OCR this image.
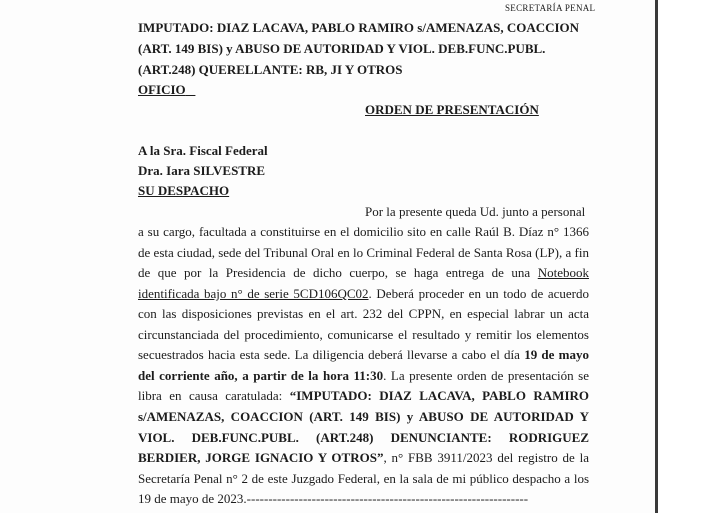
SECRETARÍA PENAL
IMPUTADO: DIAZ LACAVA, PABLO RAMIRO s/AMENAZAS, COACCION
(ART. 149 BIS) y ABUSO DE AUTORIDAD Y VIOL. DEB.FUNC.PUBL.
(ART.248) QUERELLANTE: RB, JI Y OTROS
OFICIO
ORDEN DE PRESENTACIÓN
A la Sra. Fiscal Federal
Dra. Iara SILVESTRE
SU DESPACHO
Por la presente queda Ud. junto a personal
a su cargo, facultada a constituirse en el domicilio sito en calle Raúl B. Díaz n° 1366
de esta ciudad, sede del Tribunal Oral en lo Criminal Federal de Santa Rosa (LP), a fin
de que por la Presidencia de dicho cuerpo, se haga entrega de una Notebook
identificada bajo n° de serie 5CD106QC02. Deberá proceder en un todo de acuerdo
con las disposiciones previstas en el art. 232 del CPPN, en especial labrar un acta
circunstanciada del procedimiento, comunicarse el resultado y remitir los elementos
secuestrados hacia esta sede. La diligencia deberá llevarse a cabo el día 19 de mayo
del corriente año, a partir de la hora 11:30. La presente orden de presentación se
libra en causa caratulada: “IMPUTADO: DIAZ LACAVA, PABLO RAMIRO
s/AMENAZAS, COACCION (ART. 149 BIS) y ABUSO DE AUTORIDAD Y
VIOL. DEB.FUNC.PUBL. (ART.248) DENUNCIANTE: RODRIGUEZ
BERDIER, JORGE IGNACIO Y OTROS”, n° FBB 3911/2023 del registro de la
Secretaría Penal n° 2 de este Juzgado Federal, en la sala de mi público despacho a los
19 de mayo de 2023.-----------------------------------------------------------------
